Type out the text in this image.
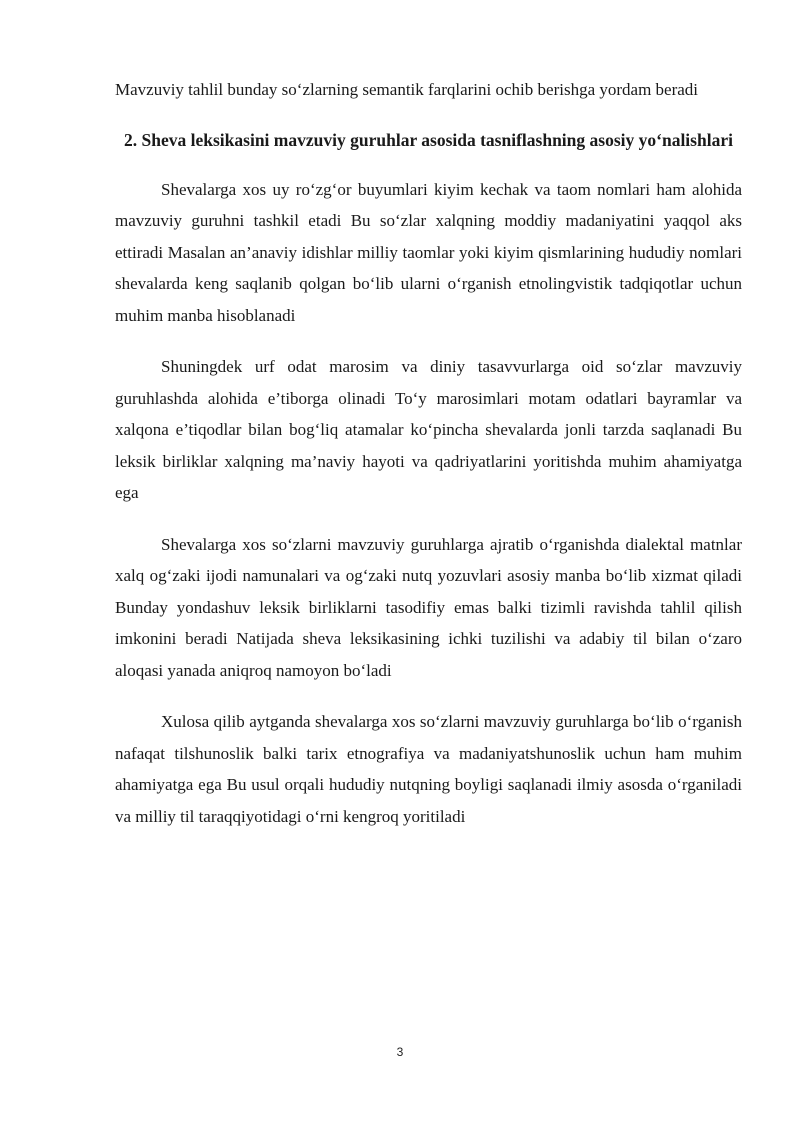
Mavzuviy tahlil bunday so‘zlarning semantik farqlarini ochib berishga yordam beradi

2. Sheva leksikasini mavzuviy guruhlar asosida tasniflashning asosiy yo‘nalishlari

Shevalarga xos uy ro‘zg‘or buyumlari kiyim kechak va taom nomlari ham alohida mavzuviy guruhni tashkil etadi Bu so‘zlar xalqning moddiy madaniyatini yaqqol aks ettiradi Masalan an’anaviy idishlar milliy taomlar yoki kiyim qismlarining hududiy nomlari shevalarda keng saqlanib qolgan bo‘lib ularni o‘rganish etnolingvistik tadqiqotlar uchun muhim manba hisoblanadi

Shuningdek urf odat marosim va diniy tasavvurlarga oid so‘zlar mavzuviy guruhlashda alohida e’tiborga olinadi To‘y marosimlari motam odatlari bayramlar va xalqona e’tiqodlar bilan bog‘liq atamalar ko‘pincha shevalarda jonli tarzda saqlanadi Bu leksik birliklar xalqning ma’naviy hayoti va qadriyatlarini yoritishda muhim ahamiyatga ega

Shevalarga xos so‘zlarni mavzuviy guruhlarga ajratib o‘rganishda dialektal matnlar xalq og‘zaki ijodi namunalari va og‘zaki nutq yozuvlari asosiy manba bo‘lib xizmat qiladi Bunday yondashuv leksik birliklarni tasodifiy emas balki tizimli ravishda tahlil qilish imkonini beradi Natijada sheva leksikasining ichki tuzilishi va adabiy til bilan o‘zaro aloqasi yanada aniqroq namoyon bo‘ladi

Xulosa qilib aytganda shevalarga xos so‘zlarni mavzuviy guruhlarga bo‘lib o‘rganish nafaqat tilshunoslik balki tarix etnografiya va madaniyatshunoslik uchun ham muhim ahamiyatga ega Bu usul orqali hududiy nutqning boyligi saqlanadi ilmiy asosda o‘rganiladi va milliy til taraqqiyotidagi o‘rni kengroq yoritiladi

3
